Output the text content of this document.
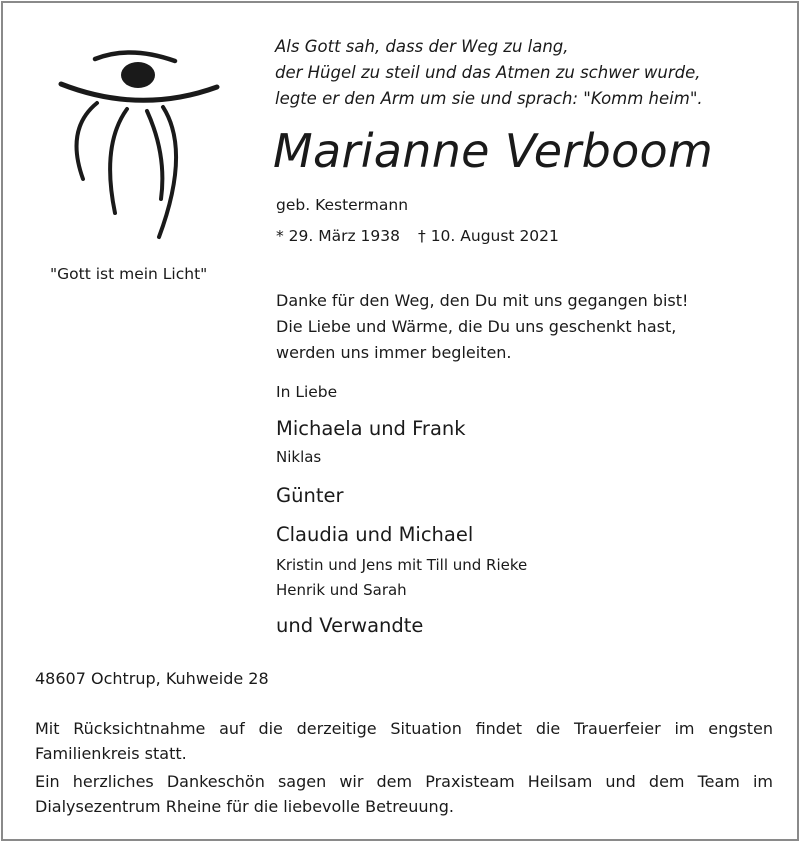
"Gott ist mein Licht"
Als Gott sah, dass der Weg zu lang,
der Hügel zu steil und das Atmen zu schwer wurde,
legte er den Arm um sie und sprach: "Komm heim".
Marianne Verboom
geb. Kestermann
* 29. März 1938 † 10. August 2021
Danke für den Weg, den Du mit uns gegangen bist!
Die Liebe und Wärme, die Du uns geschenkt hast,
werden uns immer begleiten.
In Liebe
Michaela und Frank
Niklas
Günter
Claudia und Michael
Kristin und Jens mit Till und Rieke
Henrik und Sarah
und Verwandte
48607 Ochtrup, Kuhweide 28
Mit Rücksichtnahme auf die derzeitige Situation findet die Trauerfeier im engsten Familienkreis statt.
Ein herzliches Dankeschön sagen wir dem Praxisteam Heilsam und dem Team im Dialysezentrum Rheine für die liebevolle Betreuung.
